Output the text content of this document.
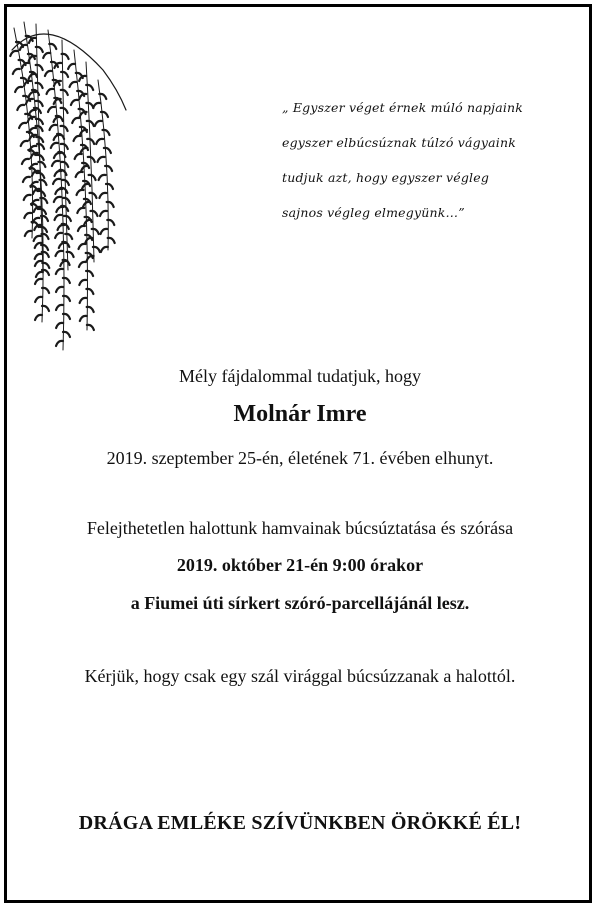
„ Egyszer véget érnek múló napjaink
egyszer elbúcsúznak túlzó vágyaink
tudjuk azt, hogy egyszer végleg
sajnos végleg elmegyünk…”
Mély fájdalommal tudatjuk, hogy
Molnár Imre
2019. szeptember 25-én, életének 71. évében elhunyt.
Felejthetetlen halottunk hamvainak búcsúztatása és szórása
2019. október 21-én 9:00 órakor
a Fiumei úti sírkert szóró-parcellájánál lesz.
Kérjük, hogy csak egy szál virággal búcsúzzanak a halottól.
DRÁGA EMLÉKE SZÍVÜNKBEN ÖRÖKKÉ ÉL!
